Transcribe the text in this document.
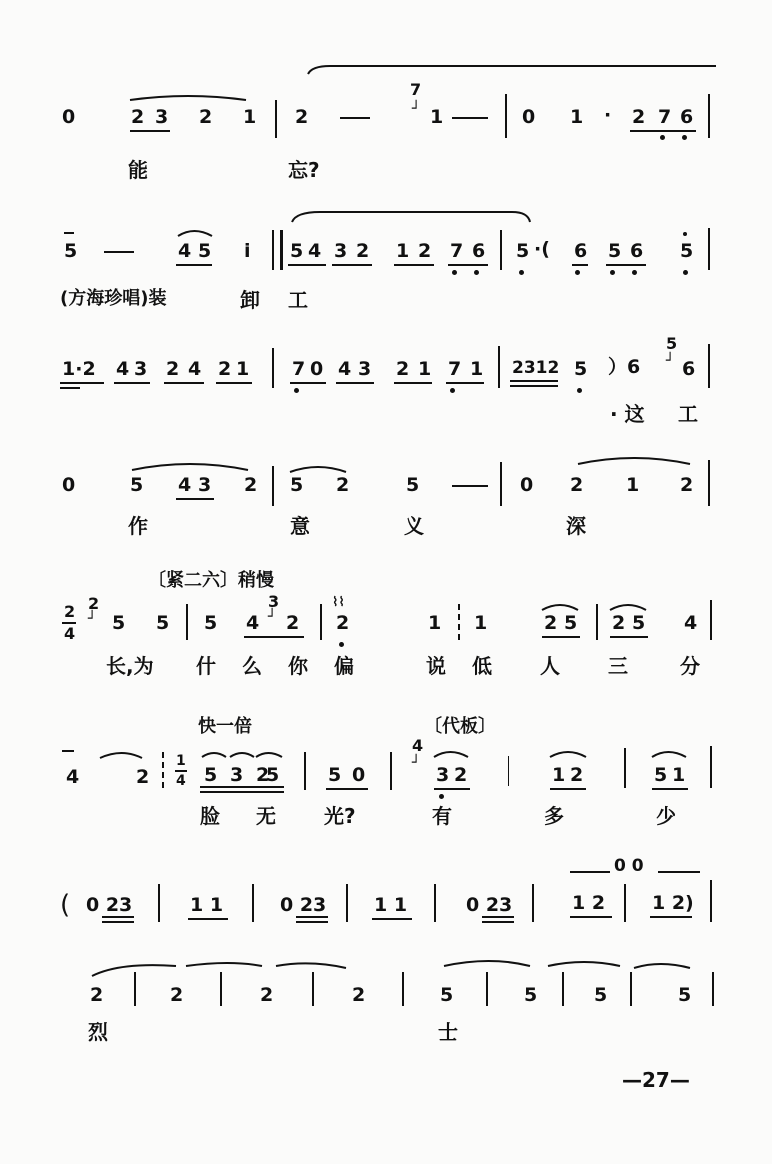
0	2 3 2 1 2
7
┘ 1	0 1 · 2 7 6
能	忘?
5	4 5 i 5 4 3 2 1 2 7 6 5 ·( 6 5 6 5
(方海珍唱)装	卸 工
1·2 4 3 2 4 2 1 7 0 4 3 2 1 7 1 2312 5 ）6
5
┘ 6
· 这 工
0	5 4 3 2 5 2	5	0 2 1 2
作	意	义	深
〔紧二六〕稍慢
2
4
2
┘ 5 5 5 4
3
┘ 2
⌇⌇
2	1 1	2 5 2 5 4
长,为 什 么 你 偏	说 低 人 三	分
快一倍	〔代板〕
4	2
1
4 5 3 2
5	5 0
4
┘
3 2	1 2	5 1
脸 无 光?	有	多	少
( 0 23	1 1	0 23	1 1	0 23
0 0
1 2 1 2)
2	2	2	2	5	5	5	5
烈	士
—27—
